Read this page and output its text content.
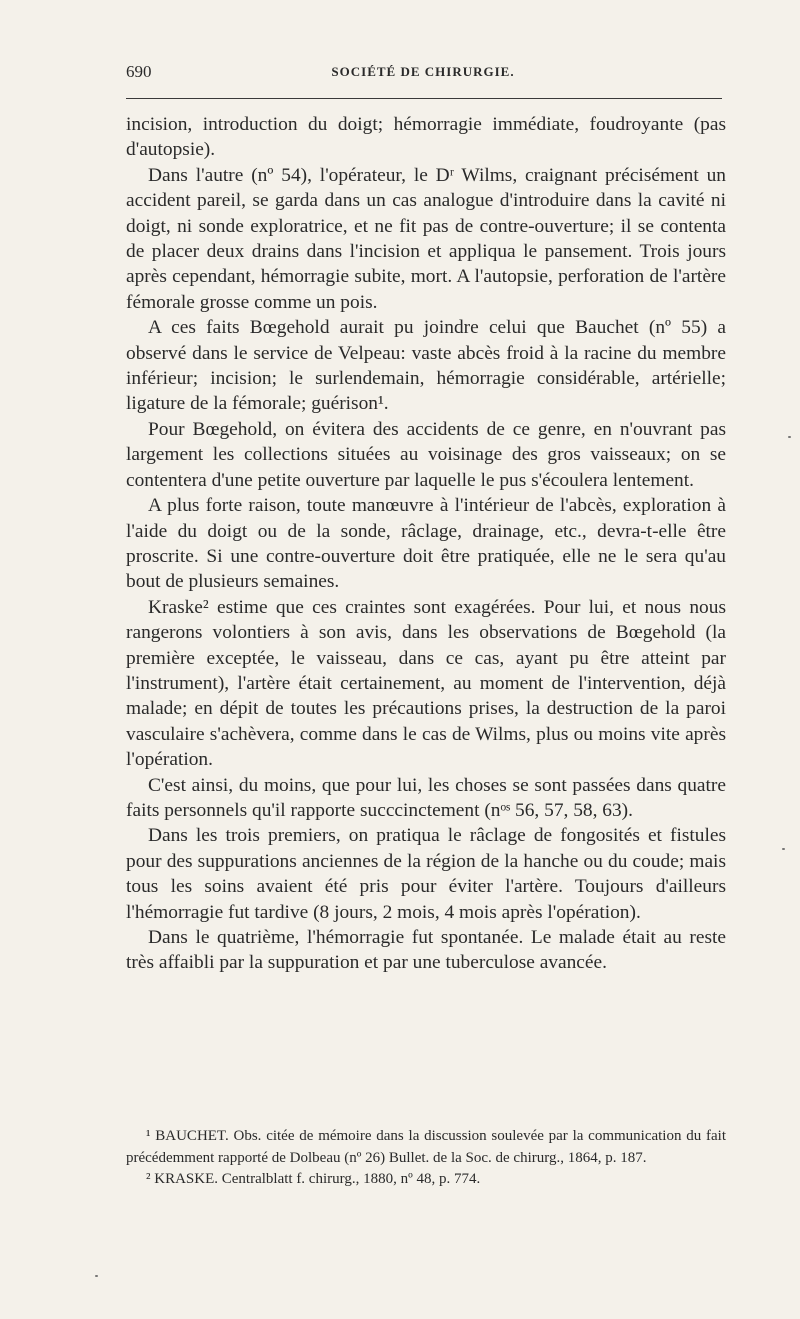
690	SOCIÉTÉ DE CHIRURGIE.

incision, introduction du doigt; hémorragie immédiate, foudroyante (pas d'autopsie).

Dans l'autre (nº 54), l'opérateur, le Dʳ Wilms, craignant précisément un accident pareil, se garda dans un cas analogue d'introduire dans la cavité ni doigt, ni sonde exploratrice, et ne fit pas de contre-ouverture; il se contenta de placer deux drains dans l'incision et appliqua le pansement. Trois jours après cependant, hémorragie subite, mort. A l'autopsie, perforation de l'artère fémorale grosse comme un pois.

A ces faits Bœgehold aurait pu joindre celui que Bauchet (nº 55) a observé dans le service de Velpeau: vaste abcès froid à la racine du membre inférieur; incision; le surlendemain, hémorragie considérable, artérielle; ligature de la fémorale; guérison¹.

Pour Bœgehold, on évitera des accidents de ce genre, en n'ouvrant pas largement les collections situées au voisinage des gros vaisseaux; on se contentera d'une petite ouverture par laquelle le pus s'écoulera lentement.

A plus forte raison, toute manœuvre à l'intérieur de l'abcès, exploration à l'aide du doigt ou de la sonde, râclage, drainage, etc., devra-t-elle être proscrite. Si une contre-ouverture doit être pratiquée, elle ne le sera qu'au bout de plusieurs semaines.

Kraske² estime que ces craintes sont exagérées. Pour lui, et nous nous rangerons volontiers à son avis, dans les observations de Bœgehold (la première exceptée, le vaisseau, dans ce cas, ayant pu être atteint par l'instrument), l'artère était certainement, au moment de l'intervention, déjà malade; en dépit de toutes les précautions prises, la destruction de la paroi vasculaire s'achèvera, comme dans le cas de Wilms, plus ou moins vite après l'opération.

C'est ainsi, du moins, que pour lui, les choses se sont passées dans quatre faits personnels qu'il rapporte succcinctement (nᵒˢ 56, 57, 58, 63).

Dans les trois premiers, on pratiqua le râclage de fongosités et fistules pour des suppurations anciennes de la région de la hanche ou du coude; mais tous les soins avaient été pris pour éviter l'artère. Toujours d'ailleurs l'hémorragie fut tardive (8 jours, 2 mois, 4 mois après l'opération).

Dans le quatrième, l'hémorragie fut spontanée. Le malade était au reste très affaibli par la suppuration et par une tuberculose avancée.

¹ BAUCHET. Obs. citée de mémoire dans la discussion soulevée par la communication du fait précédemment rapporté de Dolbeau (nº 26) Bullet. de la Soc. de chirurg., 1864, p. 187.

² KRASKE. Centralblatt f. chirurg., 1880, nº 48, p. 774.
